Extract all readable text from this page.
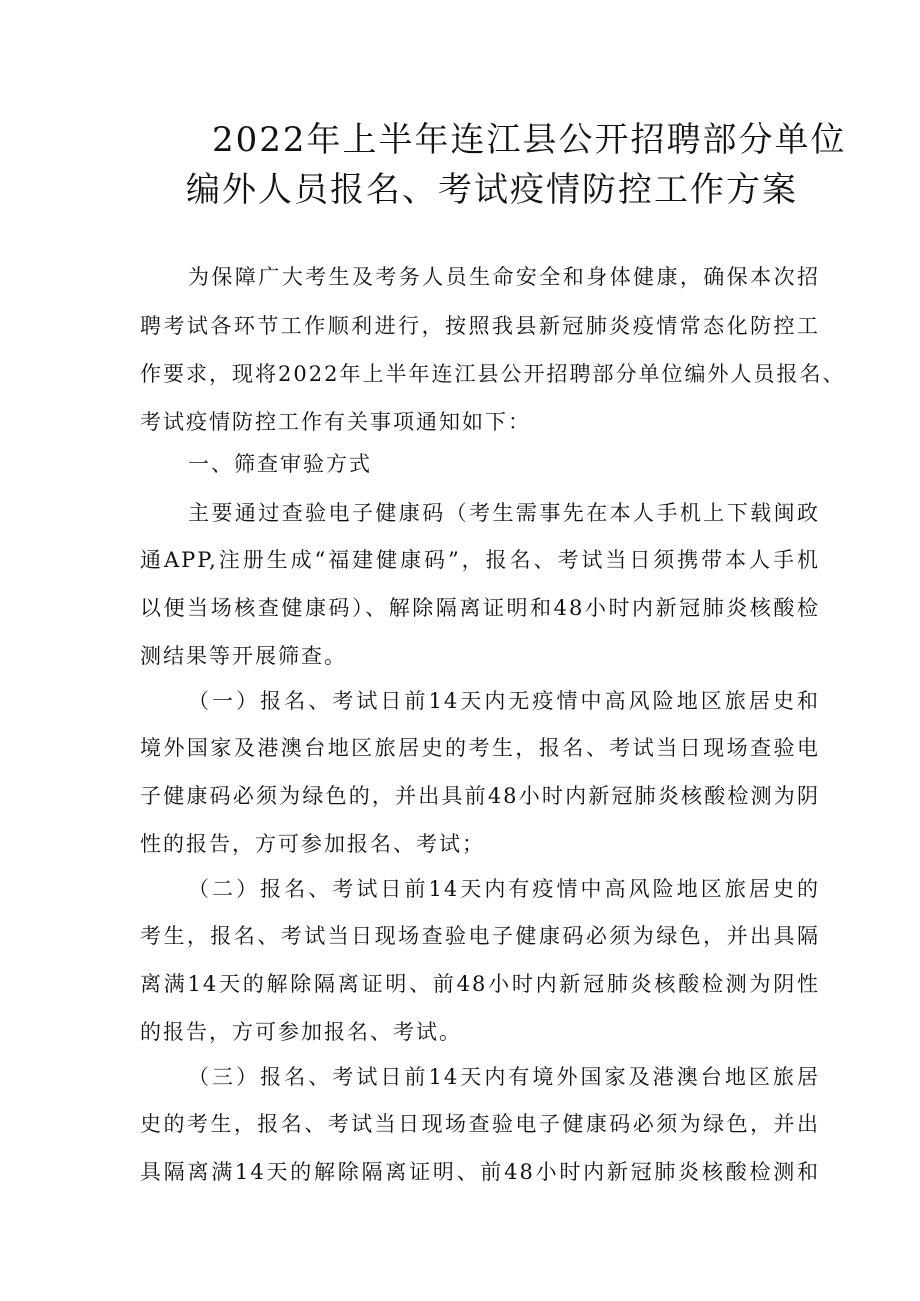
2022年上半年连江县公开招聘部分单位
编外人员报名、考试疫情防控工作方案
为保障广大考生及考务人员生命安全和身体健康，确保本次招
聘考试各环节工作顺利进行，按照我县新冠肺炎疫情常态化防控工
作要求，现将2022年上半年连江县公开招聘部分单位编外人员报名、
考试疫情防控工作有关事项通知如下：
一、筛查审验方式
主要通过查验电子健康码（考生需事先在本人手机上下载闽政
通APP,注册生成“福建健康码”，报名、考试当日须携带本人手机
以便当场核查健康码）、解除隔离证明和48小时内新冠肺炎核酸检
测结果等开展筛查。
（一）报名、考试日前14天内无疫情中高风险地区旅居史和
境外国家及港澳台地区旅居史的考生，报名、考试当日现场查验电
子健康码必须为绿色的，并出具前48小时内新冠肺炎核酸检测为阴
性的报告，方可参加报名、考试；
（二）报名、考试日前14天内有疫情中高风险地区旅居史的
考生，报名、考试当日现场查验电子健康码必须为绿色，并出具隔
离满14天的解除隔离证明、前48小时内新冠肺炎核酸检测为阴性
的报告，方可参加报名、考试。
（三）报名、考试日前14天内有境外国家及港澳台地区旅居
史的考生，报名、考试当日现场查验电子健康码必须为绿色，并出
具隔离满14天的解除隔离证明、前48小时内新冠肺炎核酸检测和
